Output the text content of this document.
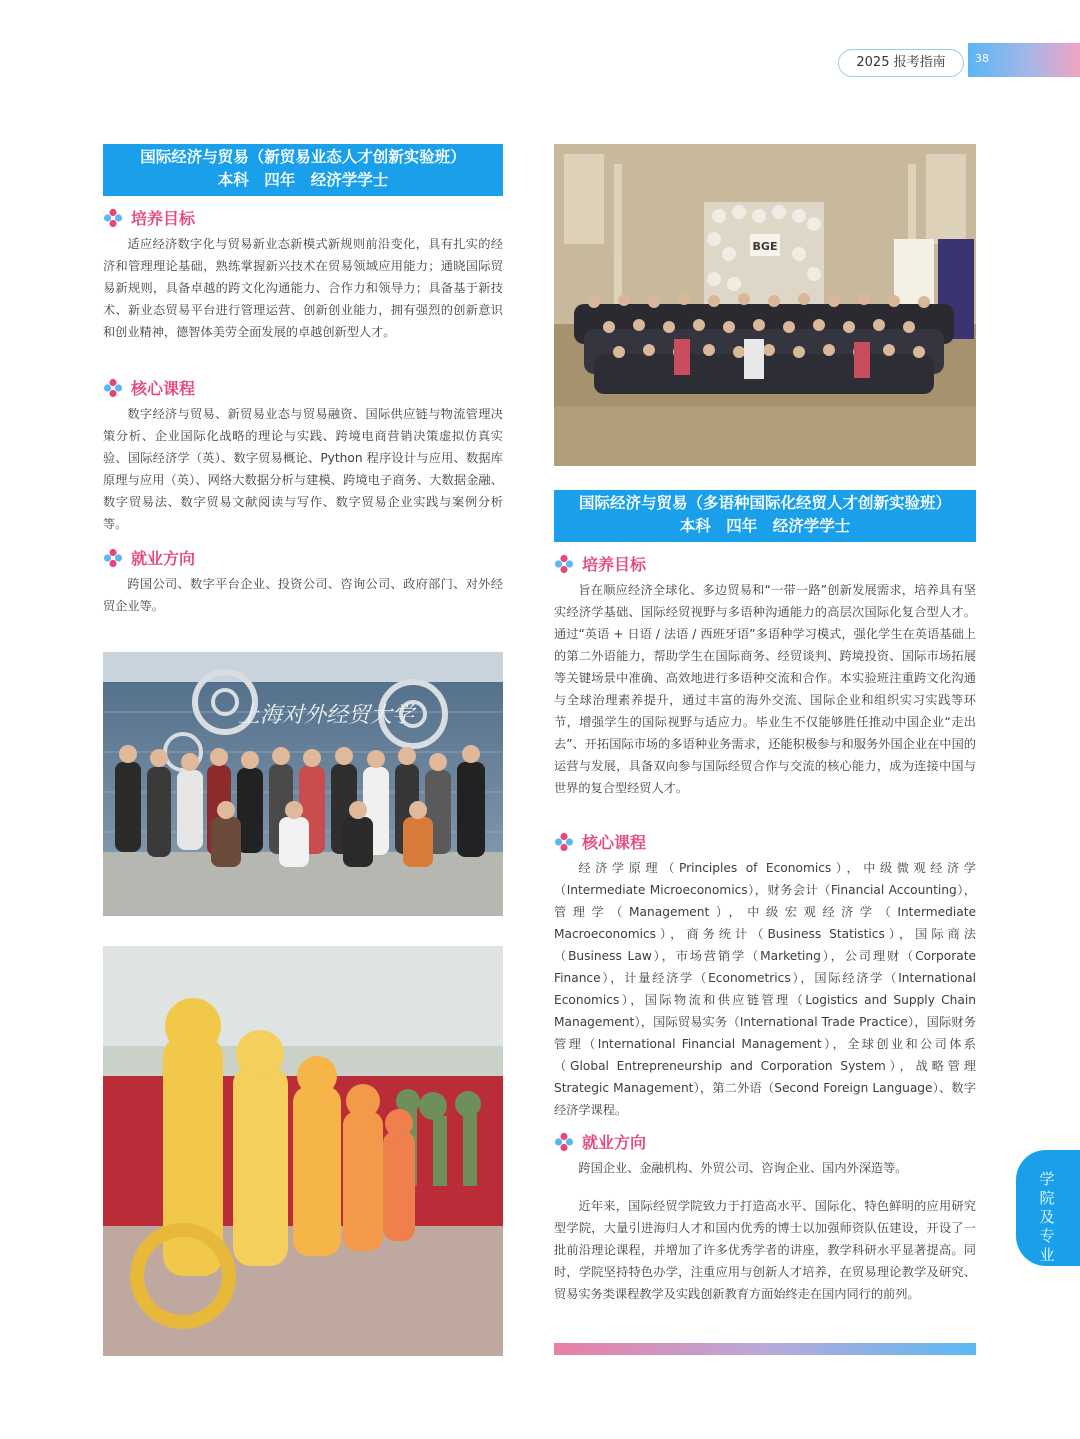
2025 报考指南	38
国际经济与贸易（新贸易业态人才创新实验班）
本科　四年　经济学学士
培养目标

适应经济数字化与贸易新业态新模式新规则前沿变化，具有扎实的经济和管理理论基础，熟练掌握新兴技术在贸易领域应用能力；通晓国际贸易新规则，具备卓越的跨文化沟通能力、合作力和领导力；具备基于新技术、新业态贸易平台进行管理运营、创新创业能力，拥有强烈的创新意识和创业精神，德智体美劳全面发展的卓越创新型人才。

核心课程

数字经济与贸易、新贸易业态与贸易融资、国际供应链与物流管理决策分析、企业国际化战略的理论与实践、跨境电商营销决策虚拟仿真实验、国际经济学（英）、数字贸易概论、Python 程序设计与应用、数据库原理与应用（英）、网络大数据分析与建模、跨境电子商务、大数据金融、数字贸易法、数字贸易文献阅读与写作、数字贸易企业实践与案例分析等。

就业方向

跨国公司、数字平台企业、投资公司、咨询公司、政府部门、对外经贸企业等。

上海对外经贸大学
BGE
国际经济与贸易（多语种国际化经贸人才创新实验班）
本科　四年　经济学学士
培养目标

旨在顺应经济全球化、多边贸易和“一带一路”创新发展需求，培养具有坚实经济学基础、国际经贸视野与多语种沟通能力的高层次国际化复合型人才。通过“英语 + 日语 / 法语 / 西班牙语”多语种学习模式，强化学生在英语基础上的第二外语能力，帮助学生在国际商务、经贸谈判、跨境投资、国际市场拓展等关键场景中准确、高效地进行多语种交流和合作。本实验班注重跨文化沟通与全球治理素养提升，通过丰富的海外交流、国际企业和组织实习实践等环节，增强学生的国际视野与适应力。毕业生不仅能够胜任推动中国企业“走出去”、开拓国际市场的多语种业务需求，还能积极参与和服务外国企业在中国的运营与发展，具备双向参与国际经贸合作与交流的核心能力，成为连接中国与世界的复合型经贸人才。

核心课程

经济学原理（Principles of Economics），中级微观经济学（Intermediate Microeconomics），财务会计（Financial Accounting），管理学（Management），中级宏观经济学（Intermediate Macroeconomics），商务统计（Business Statistics），国际商法（Business Law），市场营销学（Marketing），公司理财（Corporate Finance），计量经济学（Econometrics），国际经济学（International Economics），国际物流和供应链管理（Logistics and Supply Chain Management），国际贸易实务（International Trade Practice），国际财务管理（International Financial Management），全球创业和公司体系（Global Entrepreneurship and Corporation System），战略管理 Strategic Management），第二外语（Second Foreign Language）、数字经济学课程。

就业方向

跨国企业、金融机构、外贸公司、咨询企业、国内外深造等。

近年来，国际经贸学院致力于打造高水平、国际化、特色鲜明的应用研究型学院，大量引进海归人才和国内优秀的博士以加强师资队伍建设，开设了一批前沿理论课程，并增加了许多优秀学者的讲座，教学科研水平显著提高。同时，学院坚持特色办学，注重应用与创新人才培养，在贸易理论教学及研究、贸易实务类课程教学及实践创新教育方面始终走在国内同行的前列。

学院及专业
